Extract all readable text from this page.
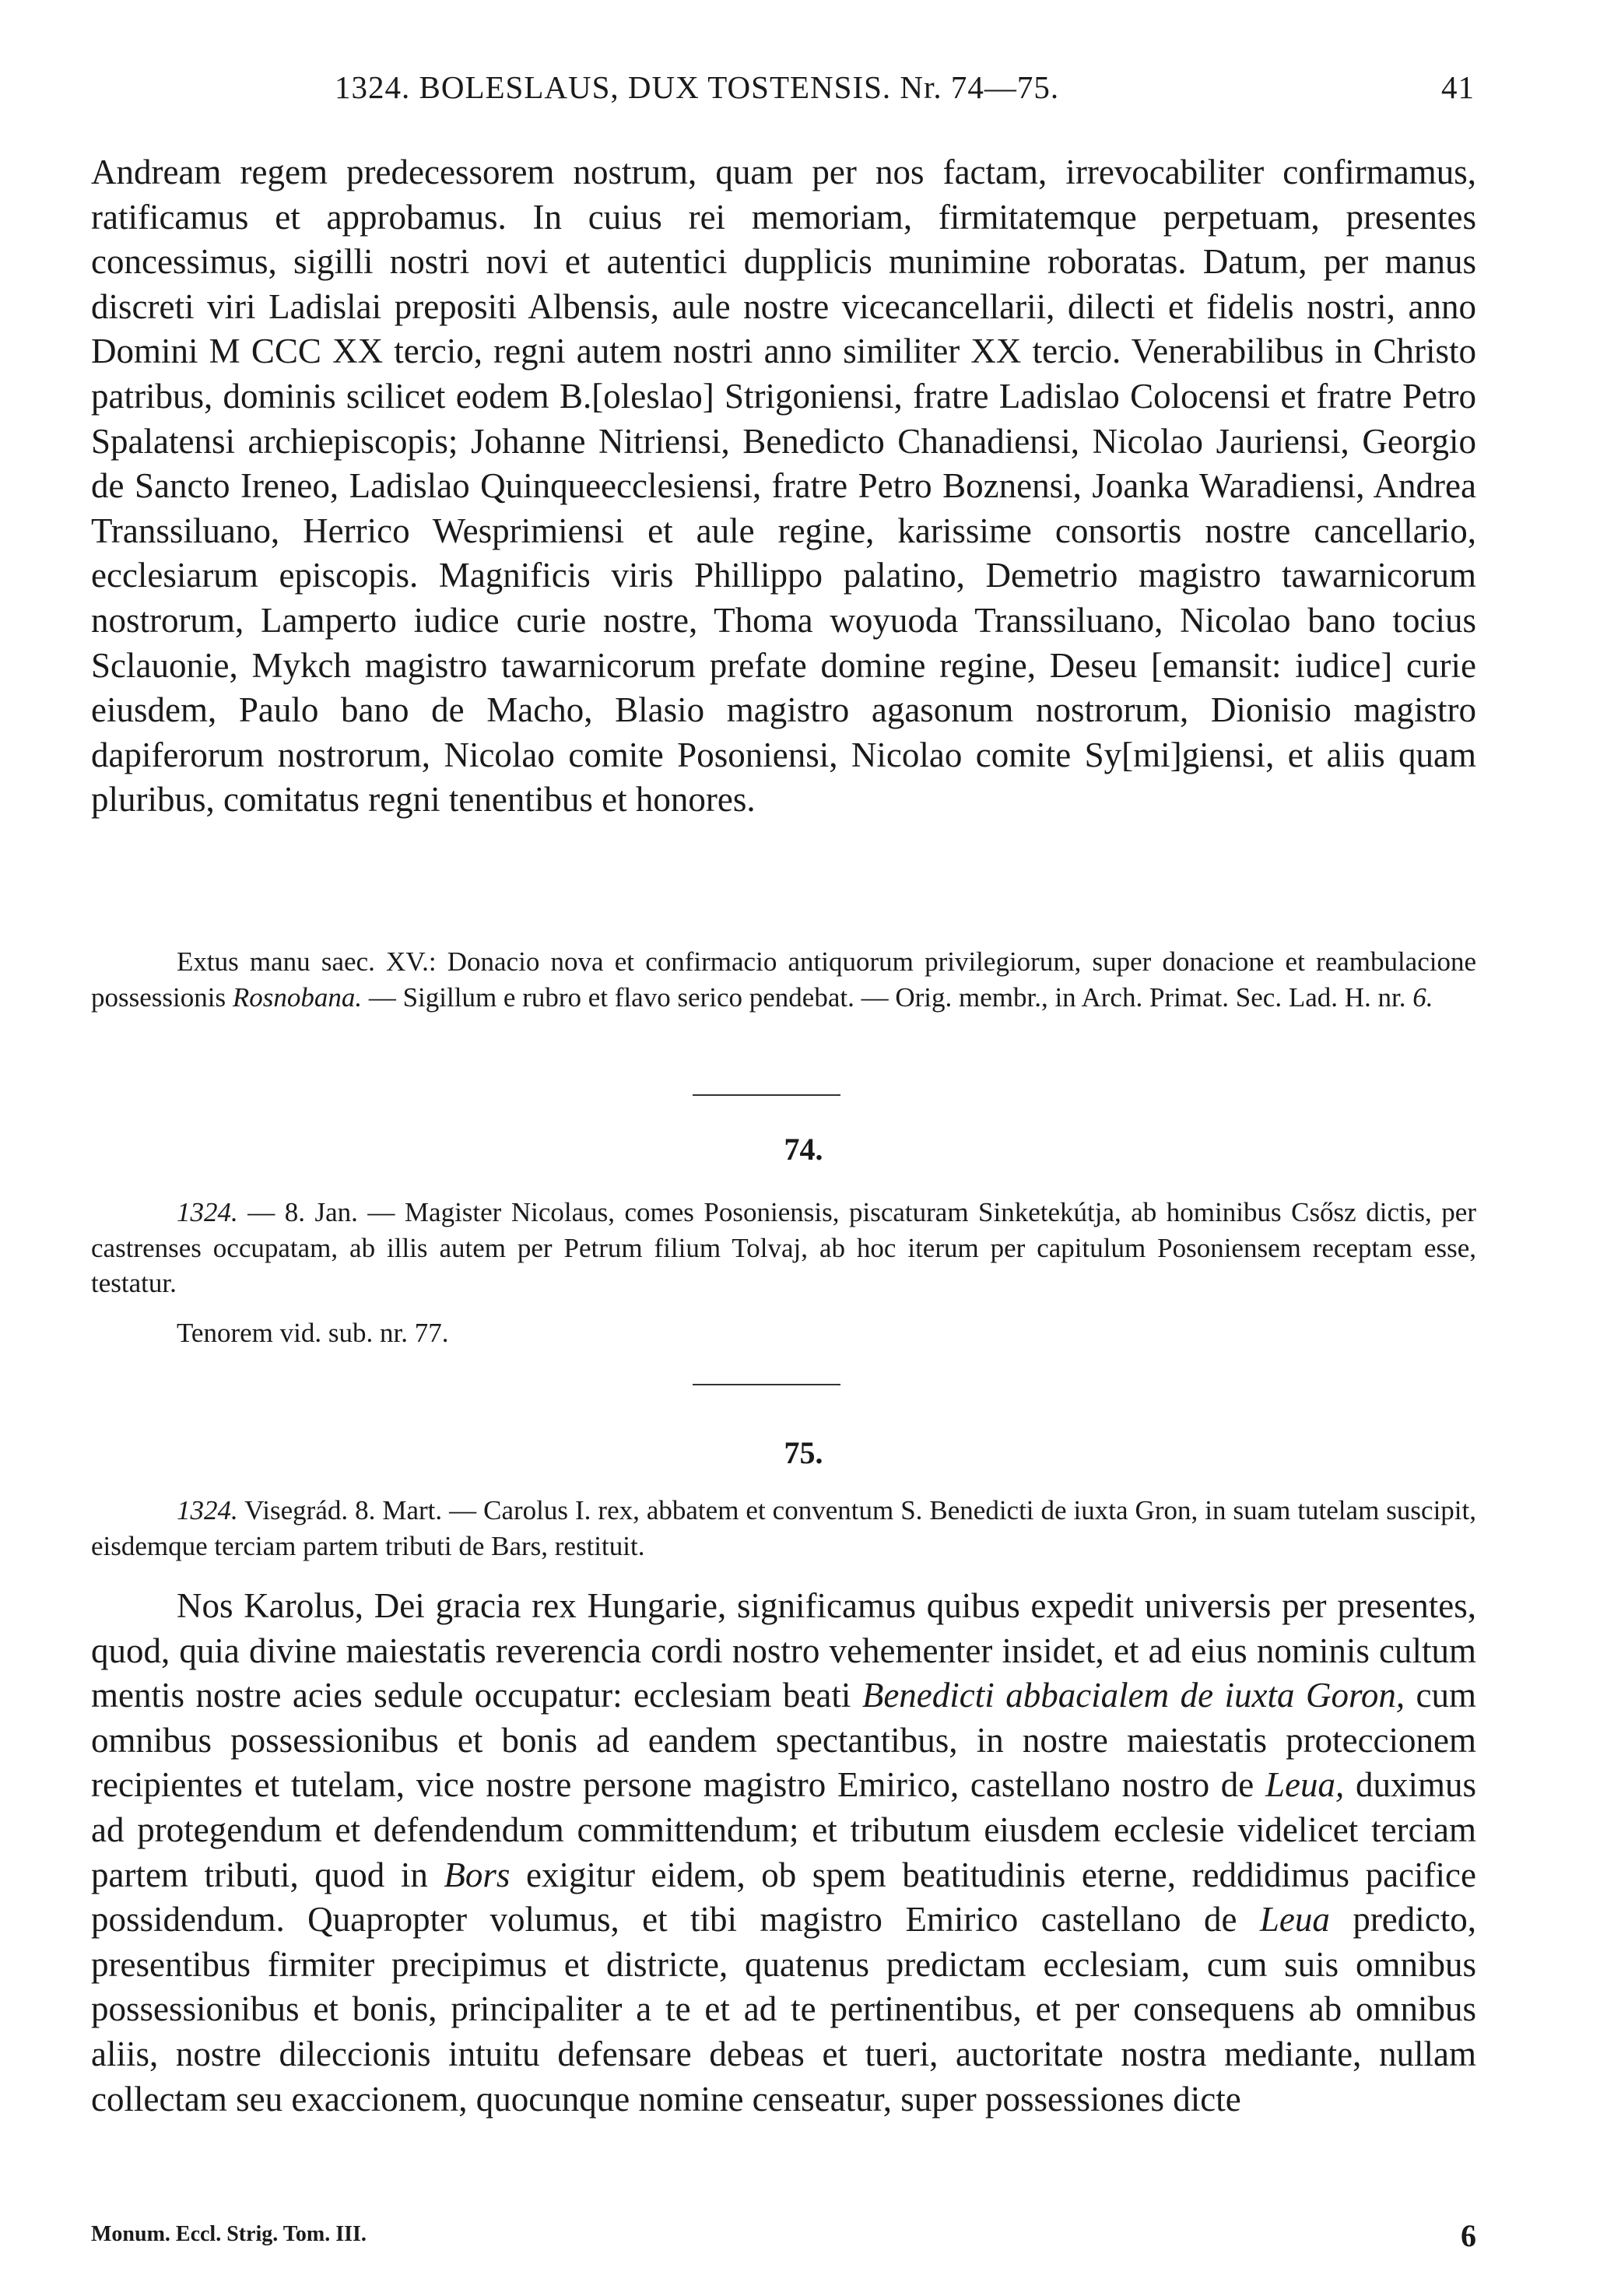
1324. BOLESLAUS, DUX TOSTENSIS. Nr. 74—75.	41

Andream regem predecessorem nostrum, quam per nos factam, irrevocabiliter confirmamus, ratificamus et approbamus. In cuius rei memoriam, firmitatemque perpetuam, presentes concessimus, sigilli nostri novi et autentici dupplicis munimine roboratas. Datum, per manus discreti viri Ladislai prepositi Albensis, aule nostre vicecancellarii, dilecti et fidelis nostri, anno Domini M CCC XX tercio, regni autem nostri anno similiter XX tercio. Venerabilibus in Christo patribus, dominis scilicet eodem B.[oleslao] Strigoniensi, fratre Ladislao Colocensi et fratre Petro Spalatensi archiepiscopis; Johanne Nitriensi, Benedicto Chanadiensi, Nicolao Jauriensi, Georgio de Sancto Ireneo, Ladislao Quinqueecclesiensi, fratre Petro Boznensi, Joanka Waradiensi, Andrea Transsiluano, Herrico Wesprimiensi et aule regine, karissime consortis nostre cancellario, ecclesiarum episcopis. Magnificis viris Phillippo palatino, Demetrio magistro tawarnicorum nostrorum, Lamperto iudice curie nostre, Thoma woyuoda Transsiluano, Nicolao bano tocius Sclauonie, Mykch magistro tawarnicorum prefate domine regine, Deseu [emansit: iudice] curie eiusdem, Paulo bano de Macho, Blasio magistro agasonum nostrorum, Dionisio magistro dapiferorum nostrorum, Nicolao comite Posoniensi, Nicolao comite Sy[mi]giensi, et aliis quam pluribus, comitatus regni tenentibus et honores.

Extus manu saec. XV.: Donacio nova et confirmacio antiquorum privilegiorum, super donacione et reambulacione possessionis Rosnobana. — Sigillum e rubro et flavo serico pendebat. — Orig. membr., in Arch. Primat. Sec. Lad. H. nr. 6.

74.

1324. — 8. Jan. — Magister Nicolaus, comes Posoniensis, piscaturam Sinketekútja, ab hominibus Csősz dictis, per castrenses occupatam, ab illis autem per Petrum filium Tolvaj, ab hoc iterum per capitulum Posoniensem receptam esse, testatur.

Tenorem vid. sub. nr. 77.

75.

1324. Visegrád. 8. Mart. — Carolus I. rex, abbatem et conventum S. Benedicti de iuxta Gron, in suam tutelam suscipit, eisdemque terciam partem tributi de Bars, restituit.

Nos Karolus, Dei gracia rex Hungarie, significamus quibus expedit universis per presentes, quod, quia divine maiestatis reverencia cordi nostro vehementer insidet, et ad eius nominis cultum mentis nostre acies sedule occupatur: ecclesiam beati Benedicti abbacialem de iuxta Goron, cum omnibus possessionibus et bonis ad eandem spectantibus, in nostre maiestatis proteccionem recipientes et tutelam, vice nostre persone magistro Emirico, castellano nostro de Leua, duximus ad protegendum et defendendum committendum; et tributum eiusdem ecclesie videlicet terciam partem tributi, quod in Bors exigitur eidem, ob spem beatitudinis eterne, reddidimus pacifice possidendum. Quapropter volumus, et tibi magistro Emirico castellano de Leua predicto, presentibus firmiter precipimus et districte, quatenus predictam ecclesiam, cum suis omnibus possessionibus et bonis, principaliter a te et ad te pertinentibus, et per consequens ab omnibus aliis, nostre dileccionis intuitu defensare debeas et tueri, auctoritate nostra mediante, nullam collectam seu exaccionem, quocunque nomine censeatur, super possessiones dicte

Monum. Eccl. Strig. Tom. III.	6
